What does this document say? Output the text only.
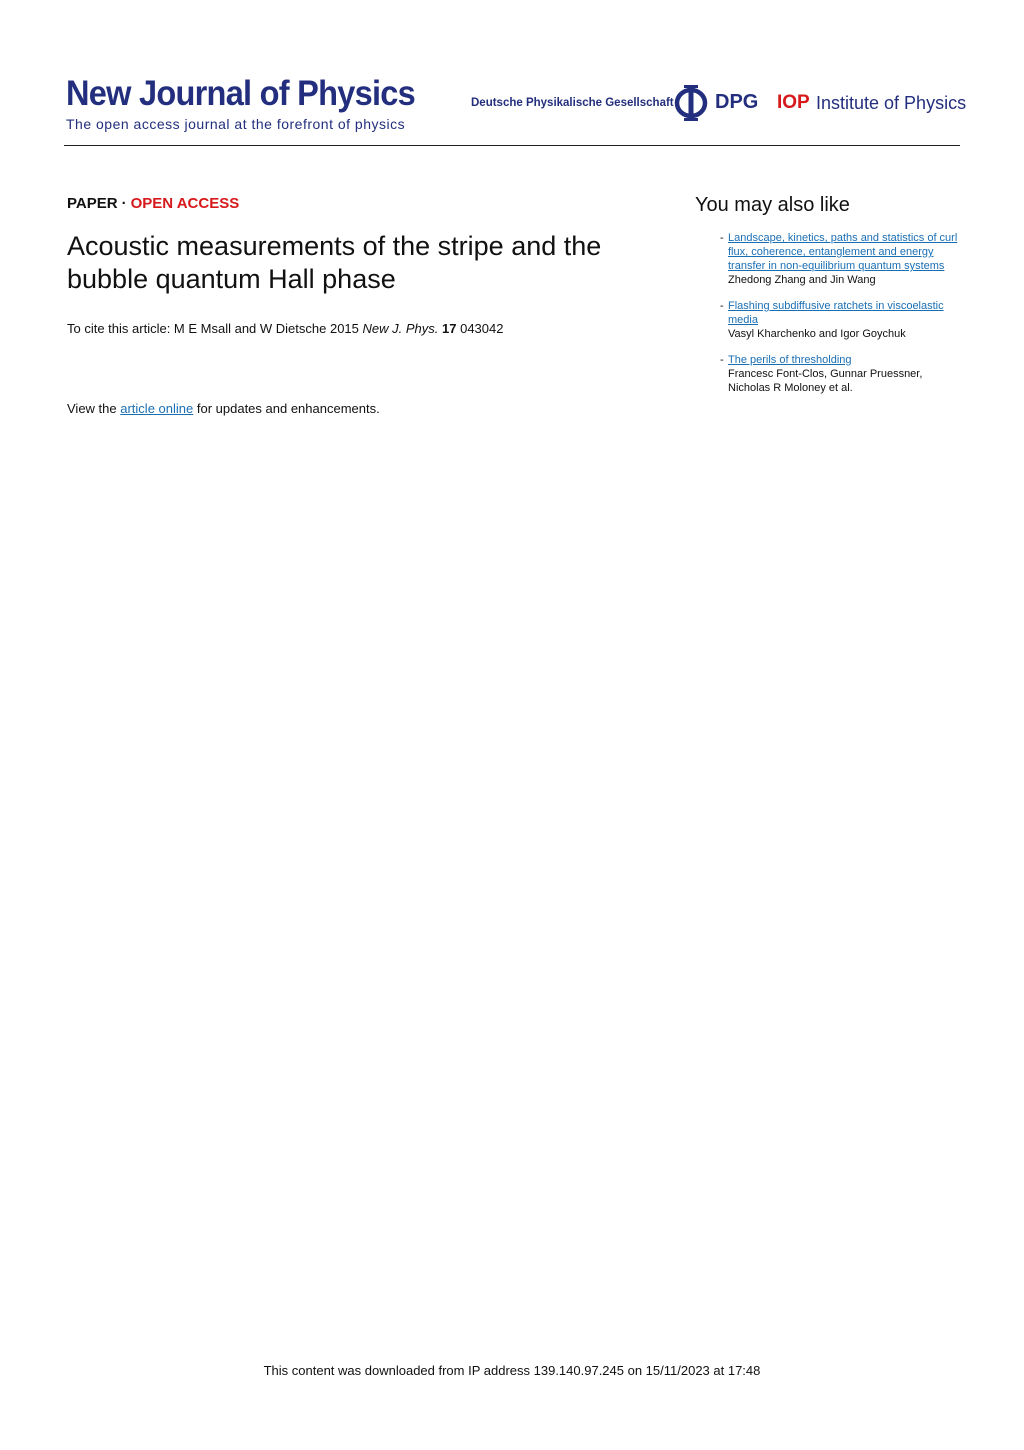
New Journal of Physics
The open access journal at the forefront of physics
Deutsche Physikalische Gesellschaft DPG IOP Institute of Physics
PAPER · OPEN ACCESS
Acoustic measurements of the stripe and the bubble quantum Hall phase
To cite this article: M E Msall and W Dietsche 2015 New J. Phys. 17 043042
View the article online for updates and enhancements.
You may also like
- Landscape, kinetics, paths and statistics of curl flux, coherence, entanglement and energy transfer in non-equilibrium quantum systems
Zhedong Zhang and Jin Wang
- Flashing subdiffusive ratchets in viscoelastic media
Vasyl Kharchenko and Igor Goychuk
- The perils of thresholding
Francesc Font-Clos, Gunnar Pruessner, Nicholas R Moloney et al.
This content was downloaded from IP address 139.140.97.245 on 15/11/2023 at 17:48
